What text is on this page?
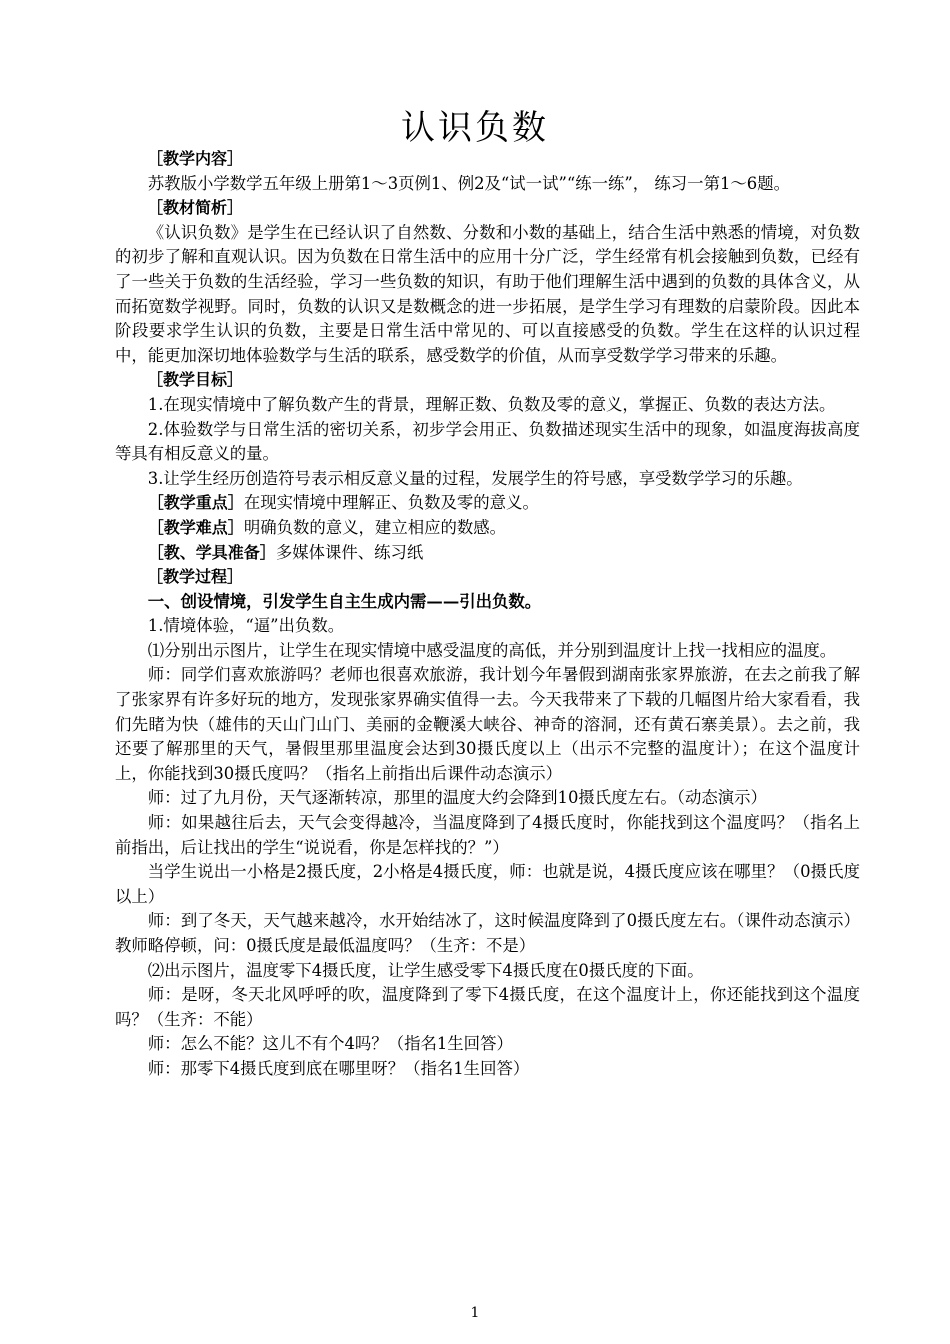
认识负数

［教学内容］

苏教版小学数学五年级上册第1～3页例1、例2及“试一试”“练一练”， 练习一第1～6题。

［教材简析］

《认识负数》是学生在已经认识了自然数、分数和小数的基础上，结合生活中熟悉的情境，对负数的初步了解和直观认识。因为负数在日常生活中的应用十分广泛，学生经常有机会接触到负数，已经有了一些关于负数的生活经验，学习一些负数的知识，有助于他们理解生活中遇到的负数的具体含义，从而拓宽数学视野。同时，负数的认识又是数概念的进一步拓展，是学生学习有理数的启蒙阶段。因此本阶段要求学生认识的负数，主要是日常生活中常见的、可以直接感受的负数。学生在这样的认识过程中，能更加深切地体验数学与生活的联系，感受数学的价值，从而享受数学学习带来的乐趣。

［教学目标］

1.在现实情境中了解负数产生的背景，理解正数、负数及零的意义，掌握正、负数的表达方法。

2.体验数学与日常生活的密切关系，初步学会用正、负数描述现实生活中的现象，如温度海拔高度等具有相反意义的量。

3.让学生经历创造符号表示相反意义量的过程，发展学生的符号感，享受数学学习的乐趣。

［教学重点］在现实情境中理解正、负数及零的意义。

［教学难点］明确负数的意义，建立相应的数感。

［教、学具准备］多媒体课件、练习纸

［教学过程］

一、创设情境，引发学生自主生成内需——引出负数。

1.情境体验，“逼”出负数。

⑴分别出示图片，让学生在现实情境中感受温度的高低，并分别到温度计上找一找相应的温度。

师：同学们喜欢旅游吗？老师也很喜欢旅游，我计划今年暑假到湖南张家界旅游，在去之前我了解了张家界有许多好玩的地方，发现张家界确实值得一去。今天我带来了下载的几幅图片给大家看看，我们先睹为快（雄伟的天山门山门、美丽的金鞭溪大峡谷、神奇的溶洞，还有黄石寨美景）。去之前，我还要了解那里的天气，暑假里那里温度会达到30摄氏度以上（出示不完整的温度计）；在这个温度计上，你能找到30摄氏度吗？（指名上前指出后课件动态演示）

师：过了九月份，天气逐渐转凉，那里的温度大约会降到10摄氏度左右。（动态演示）

师：如果越往后去，天气会变得越冷，当温度降到了4摄氏度时，你能找到这个温度吗？（指名上前指出，后让找出的学生“说说看，你是怎样找的？”）

当学生说出一小格是2摄氏度，2小格是4摄氏度，师：也就是说，4摄氏度应该在哪里？（0摄氏度以上）

师：到了冬天，天气越来越冷，水开始结冰了，这时候温度降到了0摄氏度左右。（课件动态演示）教师略停顿，问：0摄氏度是最低温度吗？（生齐：不是）

⑵出示图片，温度零下4摄氏度，让学生感受零下4摄氏度在0摄氏度的下面。

师：是呀，冬天北风呼呼的吹，温度降到了零下4摄氏度，在这个温度计上，你还能找到这个温度吗？（生齐：不能）

师：怎么不能？这儿不有个4吗？（指名1生回答）

师：那零下4摄氏度到底在哪里呀？（指名1生回答）

1
